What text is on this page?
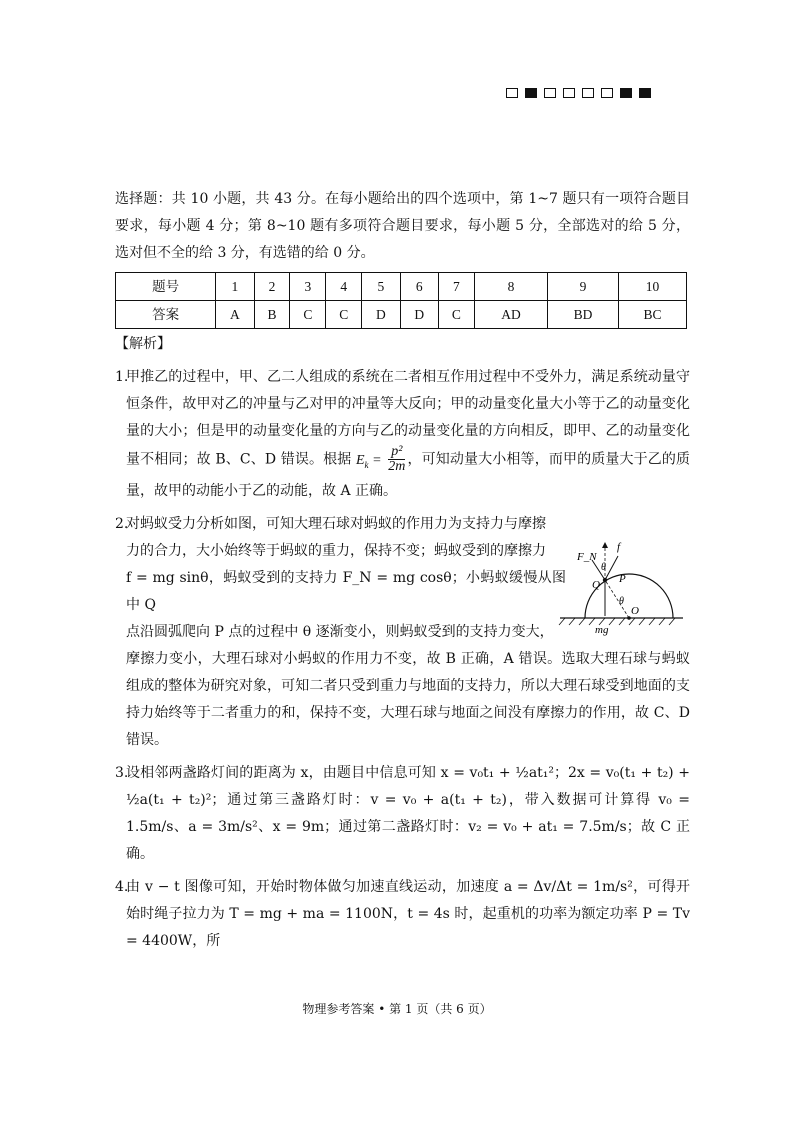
选择题：共 10 小题，共 43 分。在每小题给出的四个选项中，第 1~7 题只有一项符合题目要求，每小题 4 分；第 8~10 题有多项符合题目要求，每小题 5 分，全部选对的给 5 分，选对但不全的给 3 分，有选错的给 0 分。

题号	1	2	3	4	5	6	7	8	9	10
答案	A	B	C	C	D	D	C	AD	BD	BC

【解析】

1.

甲推乙的过程中，甲、乙二人组成的系统在二者相互作用过程中不受外力，满足系统动量守恒条件，故甲对乙的冲量与乙对甲的冲量等大反向；甲的动量变化量大小等于乙的动量变化量的大小；但是甲的动量变化量的方向与乙的动量变化量的方向相反，即甲、乙的动量变化量不相同；故 B、C、D 错误。根据 $E_k = \frac{\text{p²}}{2m}$ ，可知动量大小相等，而甲的质量大于乙的质量，故甲的动能小于乙的动能，故 A 正确。

2.

对蚂蚁受力分析如图，可知大理石球对蚂蚁的作用力为支持力与摩擦

力的合力，大小始终等于蚂蚁的重力，保持不变；蚂蚁受到的摩擦力

f = mg sinθ，蚂蚁受到的支持力 F_N = mg cosθ；小蚂蚁缓慢从图中 Q

点沿圆弧爬向 P 点的过程中 θ 逐渐变小，则蚂蚁受到的支持力变大，

摩擦力变小，大理石球对小蚂蚁的作用力不变，故 B 正确，A 错误。选取大理石球与蚂蚁组成的整体为研究对象，可知二者只受到重力与地面的支持力，所以大理石球受到地面的支持力始终等于二者重力的和，保持不变，大理石球与地面之间没有摩擦力的作用，故 C、D 错误。

3.

设相邻两盏路灯间的距离为 x，由题目中信息可知 x = v₀t₁ + ½at₁²；2x = v₀(t₁ + t₂) + ½a(t₁ + t₂)²；通过第三盏路灯时：v = v₀ + a(t₁ + t₂)，带入数据可计算得 v₀ = 1.5m/s、a = 3m/s²、x = 9m；通过第二盏路灯时：v₂ = v₀ + at₁ = 7.5m/s；故 C 正确。

4.

由 v − t 图像可知，开始时物体做匀加速直线运动，加速度 a = Δv/Δt = 1m/s²，可得开始时绳子拉力为 T = mg + ma = 1100N，t = 4s 时，起重机的功率为额定功率 P = Tv = 4400W，所

F_N
f
P
Q
O
θ
θ
mg
物理参考答案 • 第 1 页（共 6 页）
